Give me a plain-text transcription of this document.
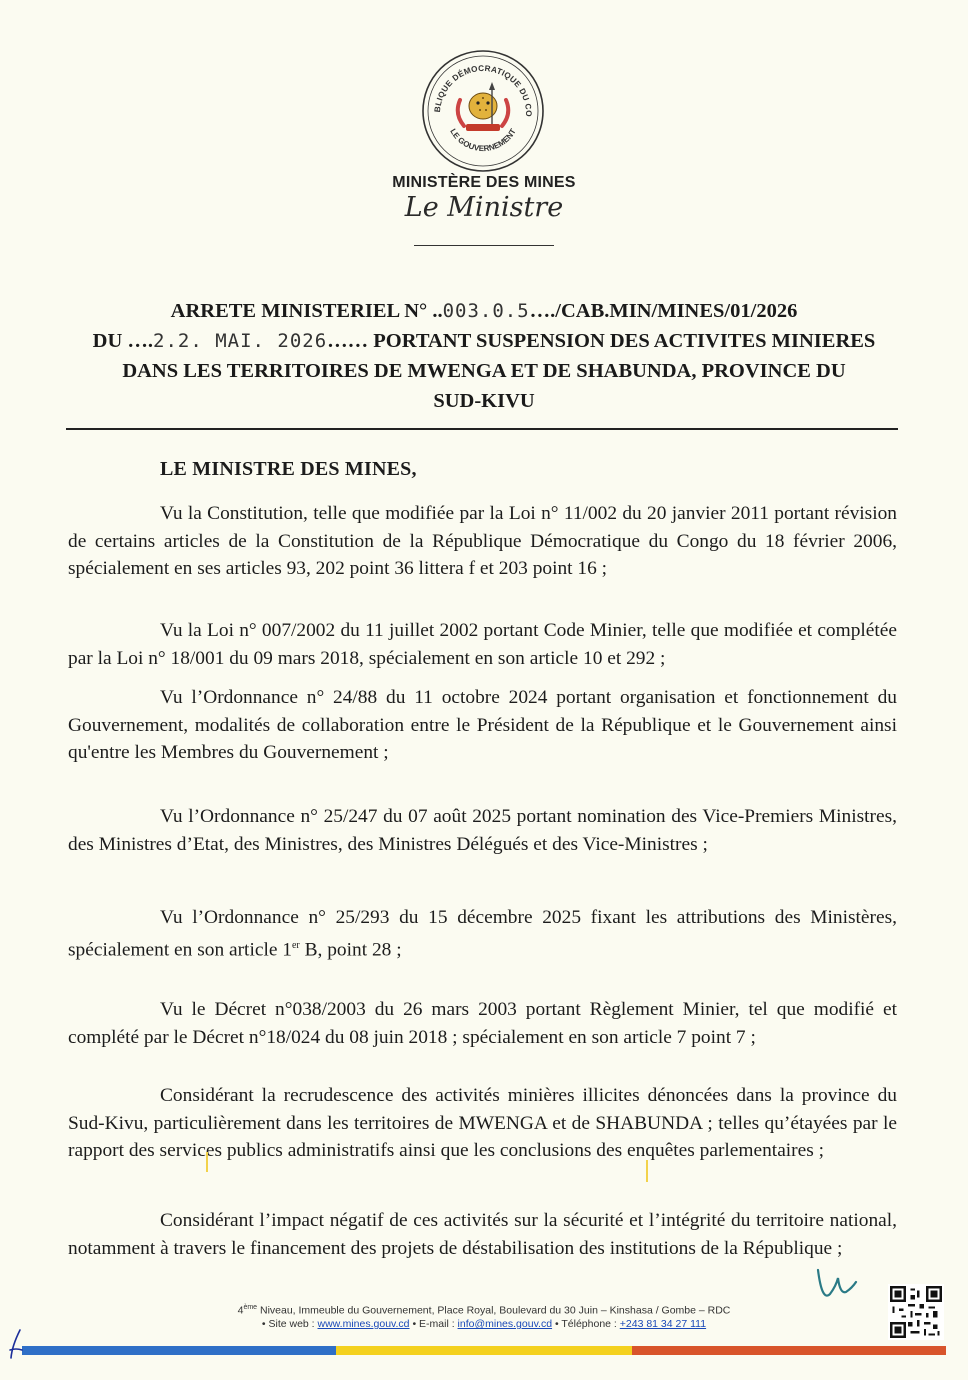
BLIQUE DÉMOCRATIQUE DU CO
LE GOUVERNEMENT
MINISTÈRE DES MINES
Le Ministre
ARRETE MINISTERIEL N° ..003.0.5…./CAB.MIN/MINES/01/2026
DU ….2.2. MAI. 2026…… PORTANT SUSPENSION DES ACTIVITES MINIERES
DANS LES TERRITOIRES DE MWENGA ET DE SHABUNDA, PROVINCE DU
SUD-KIVU
LE MINISTRE DES MINES,
Vu la Constitution, telle que modifiée par la Loi n° 11/002 du 20 janvier 2011 portant révision de certains articles de la Constitution de la République Démocratique du Congo du 18 février 2006, spécialement en ses articles 93, 202 point 36 littera f et 203 point 16 ;
Vu la Loi n° 007/2002 du 11 juillet 2002 portant Code Minier, telle que modifiée et complétée par la Loi n° 18/001 du 09 mars 2018, spécialement en son article 10 et 292 ;
Vu l’Ordonnance n° 24/88 du 11 octobre 2024 portant organisation et fonctionnement du Gouvernement, modalités de collaboration entre le Président de la République et le Gouvernement ainsi qu'entre les Membres du Gouvernement ;
Vu l’Ordonnance n° 25/247 du 07 août 2025 portant nomination des Vice-Premiers Ministres, des Ministres d’Etat, des Ministres, des Ministres Délégués et des Vice-Ministres ;
Vu l’Ordonnance n° 25/293 du 15 décembre 2025 fixant les attributions des Ministères, spécialement en son article 1er B, point 28 ;
Vu le Décret n°038/2003 du 26 mars 2003 portant Règlement Minier, tel que modifié et complété par le Décret n°18/024 du 08 juin 2018 ; spécialement en son article 7 point 7 ;
Considérant la recrudescence des activités minières illicites dénoncées dans la province du Sud-Kivu, particulièrement dans les territoires de MWENGA et de SHABUNDA ; telles qu’étayées par le rapport des services publics administratifs ainsi que les conclusions des enquêtes parlementaires ;
Considérant l’impact négatif de ces activités sur la sécurité et l’intégrité du territoire national, notamment à travers le financement des projets de déstabilisation des institutions de la République ;
4ème Niveau, Immeuble du Gouvernement, Place Royal, Boulevard du 30 Juin – Kinshasa / Gombe – RDC
• Site web : www.mines.gouv.cd • E-mail : info@mines.gouv.cd • Téléphone : +243 81 34 27 111
